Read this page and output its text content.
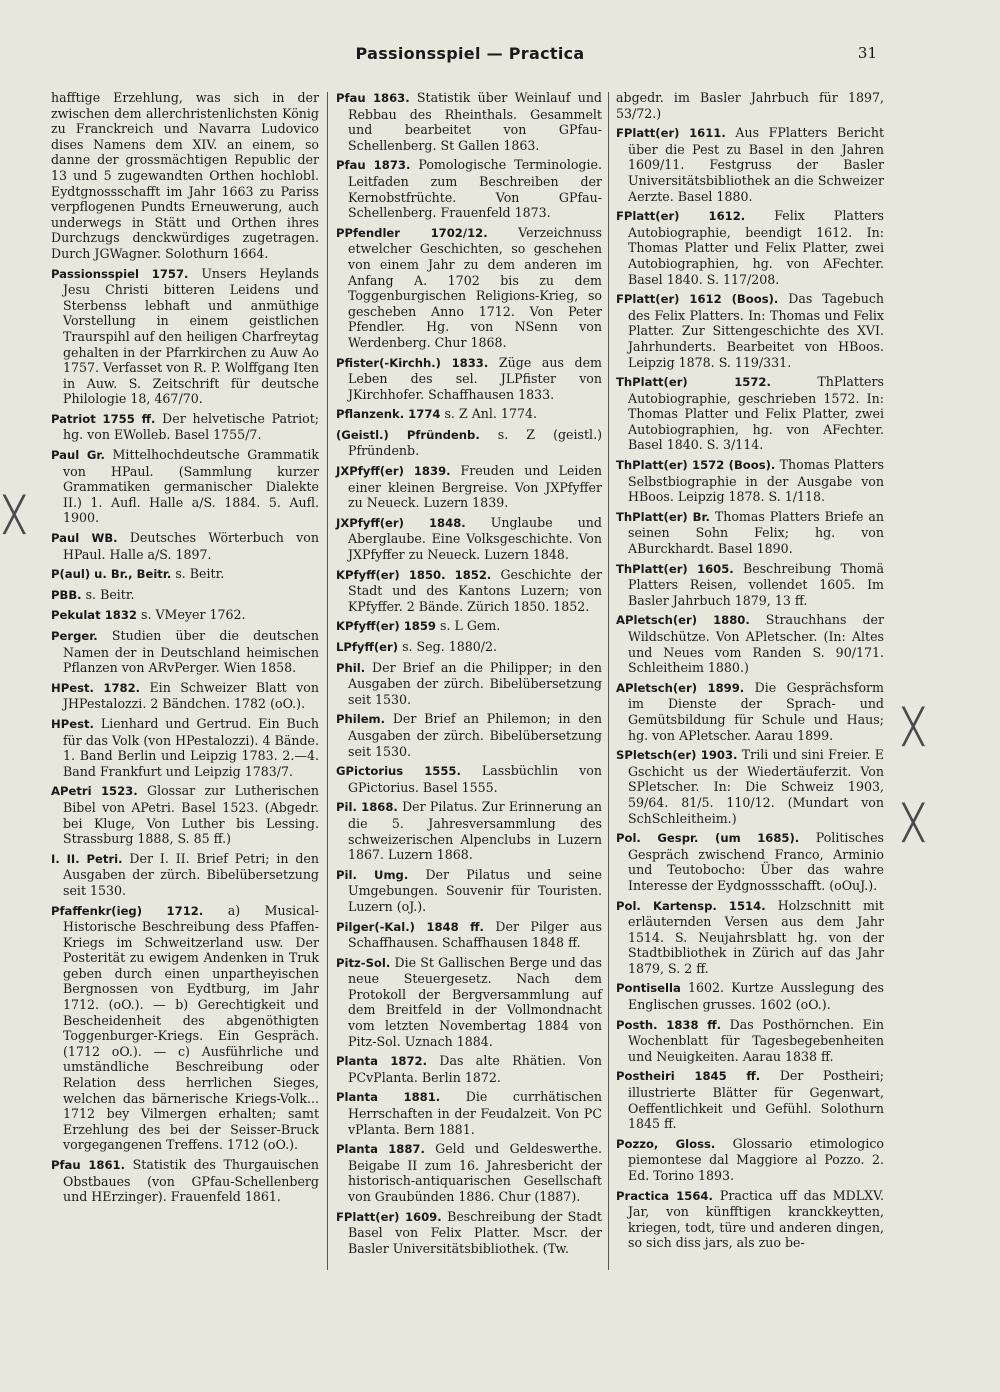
Passionsspiel — Practica	31

hafftige Erzehlung, was sich in der zwischen dem allerchristenlichsten König zu Franckreich und Navarra Ludovico dises Namens dem XIV. an einem, so danne der grossmächtigen Republic der 13 und 5 zugewandten Orthen hochlobl. Eydtgnossschafft im Jahr 1663 zu Pariss verpflogenen Pundts Erneuwerung, auch underwegs in Stätt und Orthen ihres Durchzugs denckwürdiges zugetragen. Durch JGWagner. Solothurn 1664.

Passionsspiel 1757. Unsers Heylands Jesu Christi bitteren Leidens und Sterbenss lebhaft und anmüthige Vorstellung in einem geistlichen Traurspihl auf den heiligen Charfreytag gehalten in der Pfarrkirchen zu Auw Ao 1757. Verfasset von R. P. Wolffgang Iten in Auw. S. Zeitschrift für deutsche Philologie 18, 467/70.

Patriot 1755 ff. Der helvetische Patriot; hg. von EWolleb. Basel 1755/7.

Paul Gr. Mittelhochdeutsche Grammatik von HPaul. (Sammlung kurzer Grammatiken germanischer Dialekte II.) 1. Aufl. Halle a/S. 1884. 5. Aufl. 1900.

Paul WB. Deutsches Wörterbuch von HPaul. Halle a/S. 1897.

P(aul) u. Br., Beitr. s. Beitr.

PBB. s. Beitr.

Pekulat 1832 s. VMeyer 1762.

Perger. Studien über die deutschen Namen der in Deutschland heimischen Pflanzen von ARvPerger. Wien 1858.

HPest. 1782. Ein Schweizer Blatt von JHPestalozzi. 2 Bändchen. 1782 (oO.).

HPest. Lienhard und Gertrud. Ein Buch für das Volk (von HPestalozzi). 4 Bände. 1. Band Berlin und Leipzig 1783. 2.—4. Band Frankfurt und Leipzig 1783/7.

APetri 1523. Glossar zur Lutherischen Bibel von APetri. Basel 1523. (Abgedr. bei Kluge, Von Luther bis Lessing. Strassburg 1888, S. 85 ff.)

I. II. Petri. Der I. II. Brief Petri; in den Ausgaben der zürch. Bibelübersetzung seit 1530.

Pfaffenkr(ieg) 1712. a) Musical-Historische Beschreibung dess Pfaffen-Kriegs im Schweitzerland usw. Der Posterität zu ewigem Andenken in Truk geben durch einen unpartheyischen Bergnossen von Eydtburg, im Jahr 1712. (oO.). — b) Gerechtigkeit und Bescheidenheit des abgenöthigten Toggenburger-Kriegs. Ein Gespräch. (1712 oO.). — c) Ausführliche und umständliche Beschreibung oder Relation dess herrlichen Sieges, welchen das bärnerische Kriegs-Volk... 1712 bey Vilmergen erhalten; samt Erzehlung des bei der Seisser-Bruck vorgegangenen Treffens. 1712 (oO.).

Pfau 1861. Statistik des Thurgauischen Obstbaues (von GPfau-Schellenberg und HErzinger). Frauenfeld 1861.

Pfau 1863. Statistik über Weinlauf und Rebbau des Rheinthals. Gesammelt und bearbeitet von GPfau-Schellenberg. St Gallen 1863.

Pfau 1873. Pomologische Terminologie. Leitfaden zum Beschreiben der Kernobstfrüchte. Von GPfau-Schellenberg. Frauenfeld 1873.

PPfendler 1702/12. Verzeichnuss etwelcher Geschichten, so geschehen von einem Jahr zu dem anderen im Anfang A. 1702 bis zu dem Toggenburgischen Religions-Krieg, so gescheben Anno 1712. Von Peter Pfendler. Hg. von NSenn von Werdenberg. Chur 1868.

Pfister(-Kirchh.) 1833. Züge aus dem Leben des sel. JLPfister von JKirchhofer. Schaffhausen 1833.

Pflanzenk. 1774 s. Z Anl. 1774.

(Geistl.) Pfründenb. s. Z (geistl.) Pfründenb.

JXPfyff(er) 1839. Freuden und Leiden einer kleinen Bergreise. Von JXPfyffer zu Neueck. Luzern 1839.

JXPfyff(er) 1848. Unglaube und Aberglaube. Eine Volksgeschichte. Von JXPfyffer zu Neueck. Luzern 1848.

KPfyff(er) 1850. 1852. Geschichte der Stadt und des Kantons Luzern; von KPfyffer. 2 Bände. Zürich 1850. 1852.

KPfyff(er) 1859 s. L Gem.

LPfyff(er) s. Seg. 1880/2.

Phil. Der Brief an die Philipper; in den Ausgaben der zürch. Bibelübersetzung seit 1530.

Philem. Der Brief an Philemon; in den Ausgaben der zürch. Bibelübersetzung seit 1530.

GPictorius 1555. Lassbüchlin von GPictorius. Basel 1555.

Pil. 1868. Der Pilatus. Zur Erinnerung an die 5. Jahresversammlung des schweizerischen Alpenclubs in Luzern 1867. Luzern 1868.

Pil. Umg. Der Pilatus und seine Umgebungen. Souvenir für Touristen. Luzern (oJ.).

Pilger(-Kal.) 1848 ff. Der Pilger aus Schaffhausen. Schaffhausen 1848 ff.

Pitz-Sol. Die St Gallischen Berge und das neue Steuergesetz. Nach dem Protokoll der Bergversammlung auf dem Breitfeld in der Vollmondnacht vom letzten Novembertag 1884 von Pitz-Sol. Uznach 1884.

Planta 1872. Das alte Rhätien. Von PCvPlanta. Berlin 1872.

Planta 1881. Die currhätischen Herrschaften in der Feudalzeit. Von PC vPlanta. Bern 1881.

Planta 1887. Geld und Geldeswerthe. Beigabe II zum 16. Jahresbericht der historisch-antiquarischen Gesellschaft von Graubünden 1886. Chur (1887).

FPlatt(er) 1609. Beschreibung der Stadt Basel von Felix Platter. Mscr. der Basler Universitätsbibliothek. (Tw.

abgedr. im Basler Jahrbuch für 1897, 53/72.)

FPlatt(er) 1611. Aus FPlatters Bericht über die Pest zu Basel in den Jahren 1609/11. Festgruss der Basler Universitätsbibliothek an die Schweizer Aerzte. Basel 1880.

FPlatt(er) 1612. Felix Platters Autobiographie, beendigt 1612. In: Thomas Platter und Felix Platter, zwei Autobiographien, hg. von AFechter. Basel 1840. S. 117/208.

FPlatt(er) 1612 (Boos). Das Tagebuch des Felix Platters. In: Thomas und Felix Platter. Zur Sittengeschichte des XVI. Jahrhunderts. Bearbeitet von HBoos. Leipzig 1878. S. 119/331.

ThPlatt(er) 1572.	ThPlatters Autobiographie, geschrieben 1572. In: Thomas Platter und Felix Platter, zwei Autobiographien, hg. von AFechter. Basel 1840. S. 3/114.

ThPlatt(er) 1572 (Boos). Thomas Platters Selbstbiographie in der Ausgabe von HBoos. Leipzig 1878. S. 1/118.

ThPlatt(er) Br. Thomas Platters Briefe an seinen Sohn Felix; hg. von ABurckhardt. Basel 1890.

ThPlatt(er) 1605. Beschreibung Thomä Platters Reisen, vollendet 1605. Im Basler Jahrbuch 1879, 13 ff.

APletsch(er) 1880. Strauchhans der Wildschütze. Von APletscher. (In: Altes und Neues vom Randen S. 90/171. Schleitheim 1880.)

APletsch(er) 1899. Die Gesprächsform im Dienste der Sprach- und Gemütsbildung für Schule und Haus; hg. von APletscher. Aarau 1899.

SPletsch(er) 1903. Trili und sini Freier. E Gschicht us der Wiedertäuferzit. Von SPletscher. In: Die Schweiz 1903, 59/64. 81/5. 110/12. (Mundart von SchSchleitheim.)

Pol. Gespr. (um 1685). Politisches Gespräch zwischend Franco, Arminio und Teutobocho: Über das wahre Interesse der Eydgnossschafft. (oOuJ.).

Pol. Kartensp. 1514. Holzschnitt mit erläuternden Versen aus dem Jahr 1514. S. Neujahrsblatt hg. von der Stadtbibliothek in Zürich auf das Jahr 1879, S. 2 ff.

Pontisella 1602. Kurtze Ausslegung des Englischen grusses. 1602 (oO.).

Posth. 1838 ff. Das Posthörnchen. Ein Wochenblatt für Tagesbegebenheiten und Neuigkeiten. Aarau 1838 ff.

Postheiri 1845 ff. Der Postheiri; illustrierte Blätter für Gegenwart, Oeffentlichkeit und Gefühl. Solothurn 1845 ff.

Pozzo, Gloss. Glossario etimologico piemontese dal Maggiore al Pozzo. 2. Ed. Torino 1893.

Practica 1564. Practica uff das MDLXV. Jar, von künfftigen kranckkeytten, kriegen, todt, türe und anderen dingen, so sich diss jars, als zuo be-

╳
╳
╳
